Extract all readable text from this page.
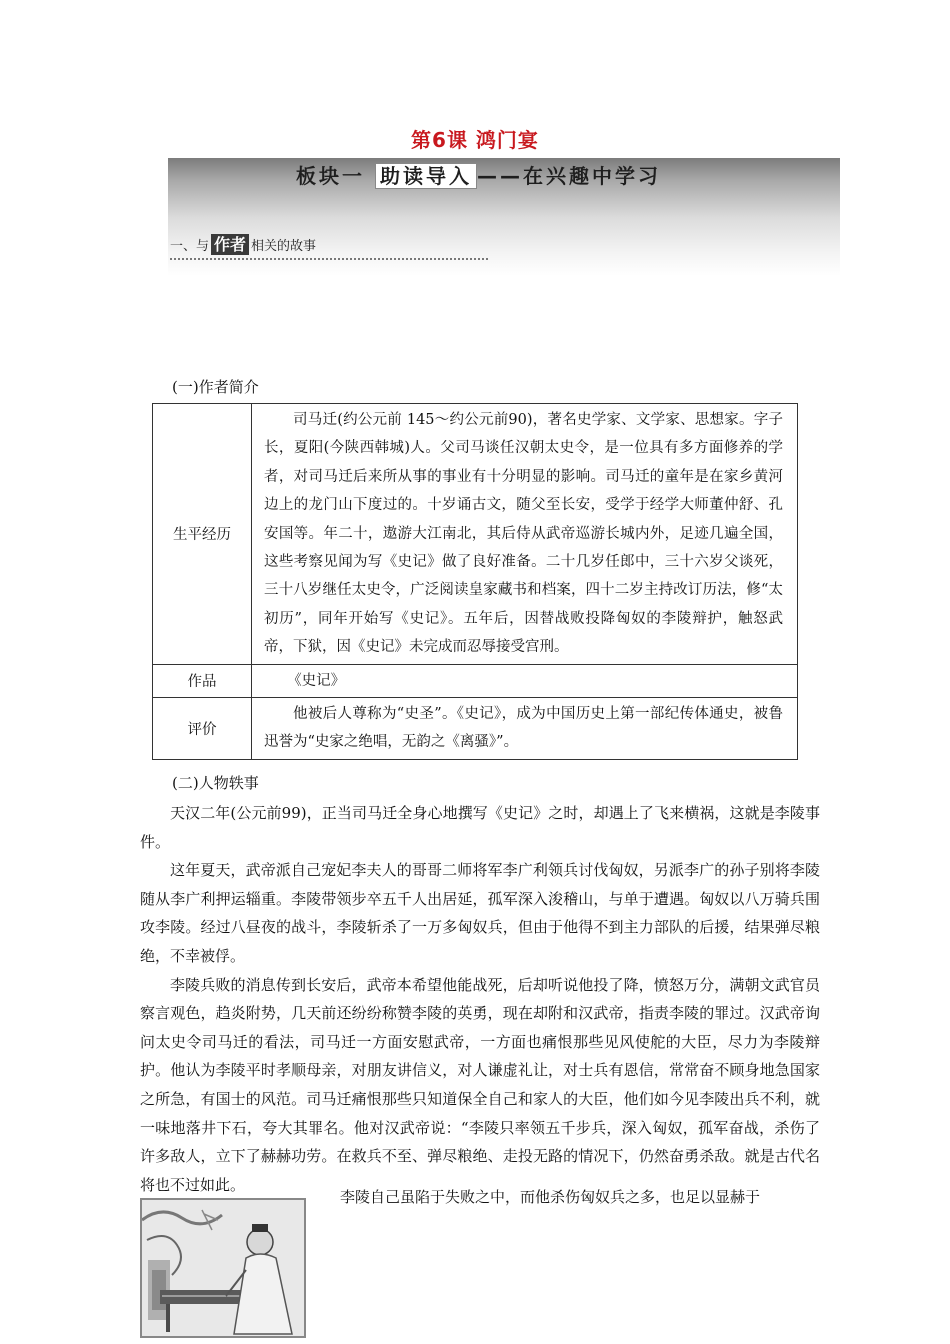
第6课 鸿门宴
板块一 助读导入 ——在兴趣中学习
一、与 作者 相关的故事
(一)作者简介
生平经历	司马迁(约公元前 145～约公元前90)，著名史学家、文学家、思想家。字子长，夏阳(今陕西韩城)人。父司马谈任汉朝太史令，是一位具有多方面修养的学者，对司马迁后来所从事的事业有十分明显的影响。司马迁的童年是在家乡黄河边上的龙门山下度过的。十岁诵古文，随父至长安，受学于经学大师董仲舒、孔安国等。年二十，遨游大江南北，其后侍从武帝巡游长城内外，足迹几遍全国，这些考察见闻为写《史记》做了良好准备。二十几岁任郎中，三十六岁父谈死，三十八岁继任太史令，广泛阅读皇家藏书和档案，四十二岁主持改订历法，修“太初历”，同年开始写《史记》。五年后，因替战败投降匈奴的李陵辩护，触怒武帝，下狱，因《史记》未完成而忍辱接受宫刑。
作品	《史记》
评价	他被后人尊称为“史圣”。《史记》，成为中国历史上第一部纪传体通史，被鲁迅誉为“史家之绝唱，无韵之《离骚》”。
(二)人物轶事

天汉二年(公元前99)，正当司马迁全身心地撰写《史记》之时，却遇上了飞来横祸，这就是李陵事件。

这年夏天，武帝派自己宠妃李夫人的哥哥二师将军李广利领兵讨伐匈奴，另派李广的孙子别将李陵随从李广利押运辎重。李陵带领步卒五千人出居延，孤军深入浚稽山，与单于遭遇。匈奴以八万骑兵围攻李陵。经过八昼夜的战斗，李陵斩杀了一万多匈奴兵，但由于他得不到主力部队的后援，结果弹尽粮绝，不幸被俘。

李陵兵败的消息传到长安后，武帝本希望他能战死，后却听说他投了降，愤怒万分，满朝文武官员察言观色，趋炎附势，几天前还纷纷称赞李陵的英勇，现在却附和汉武帝，指责李陵的罪过。汉武帝询问太史令司马迁的看法，司马迁一方面安慰武帝，一方面也痛恨那些见风使舵的大臣，尽力为李陵辩护。他认为李陵平时孝顺母亲，对朋友讲信义，对人谦虚礼让，对士兵有恩信，常常奋不顾身地急国家之所急，有国士的风范。司马迁痛恨那些只知道保全自己和家人的大臣，他们如今见李陵出兵不利，就一味地落井下石，夸大其罪名。他对汉武帝说：“李陵只率领五千步兵，深入匈奴，孤军奋战，杀伤了许多敌人，立下了赫赫功劳。在救兵不至、弹尽粮绝、走投无路的情况下，仍然奋勇杀敌。就是古代名将也不过如此。

李陵自己虽陷于失败之中，而他杀伤匈奴兵之多，也足以显赫于
